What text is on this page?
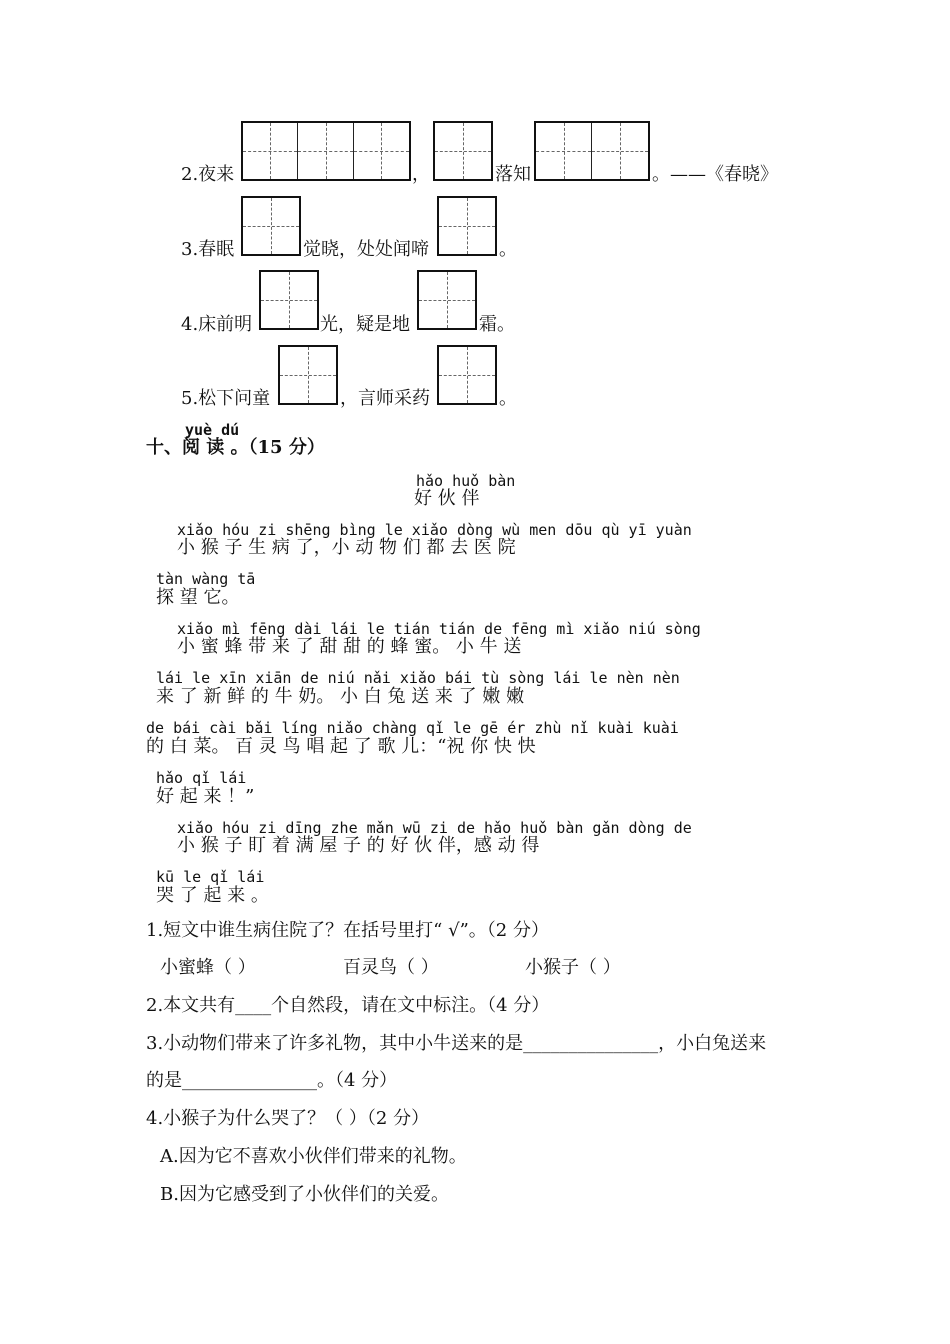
2.夜来	，	落知	。——《春晓》
3.春眠	觉晓，处处闻啼	。
4.床前明	光，疑是地	霜。
5.松下问童	，言师采药	。
yuè dú
十、阅 读 。（15 分）
hǎo huǒ bàn
好 伙 伴
xiǎo hóu zi shēng bìng le xiǎo dòng wù men dōu qù yī yuàn
小 猴 子 生 病 了，小 动 物 们 都 去 医 院
tàn wàng tā
探 望 它。
xiǎo mì fēng dài lái le tián tián de fēng mì xiǎo niú sòng
小 蜜 蜂 带 来 了 甜 甜 的 蜂 蜜。 小 牛 送
lái le xīn xiān de niú nǎi xiǎo bái tù sòng lái le nèn nèn
来 了 新 鲜 的 牛 奶。 小 白 兔 送 来 了 嫩 嫩
de bái cài bǎi líng niǎo chàng qǐ le gē ér zhù nǐ kuài kuài
的 白 菜。 百 灵 鸟 唱 起 了 歌 儿：“祝 你 快 快
hǎo qǐ lái
好 起 来 ！”
xiǎo hóu zi dīng zhe mǎn wū zi de hǎo huǒ bàn gǎn dòng de
小 猴 子 盯 着 满 屋 子 的 好 伙 伴，感 动 得
kū le qǐ lái
哭 了 起 来 。
1.短文中谁生病住院了？在括号里打“ √”。（2 分）
小蜜蜂（ ）	百灵鸟（ ）	小猴子（ ）
2.本文共有____个自然段，请在文中标注。（4 分）
3.小动物们带来了许多礼物，其中小牛送来的是_______________，小白兔送来
的是_______________。（4 分）
4.小猴子为什么哭了？（ ）（2 分）
A.因为它不喜欢小伙伴们带来的礼物。
B.因为它感受到了小伙伴们的关爱。
